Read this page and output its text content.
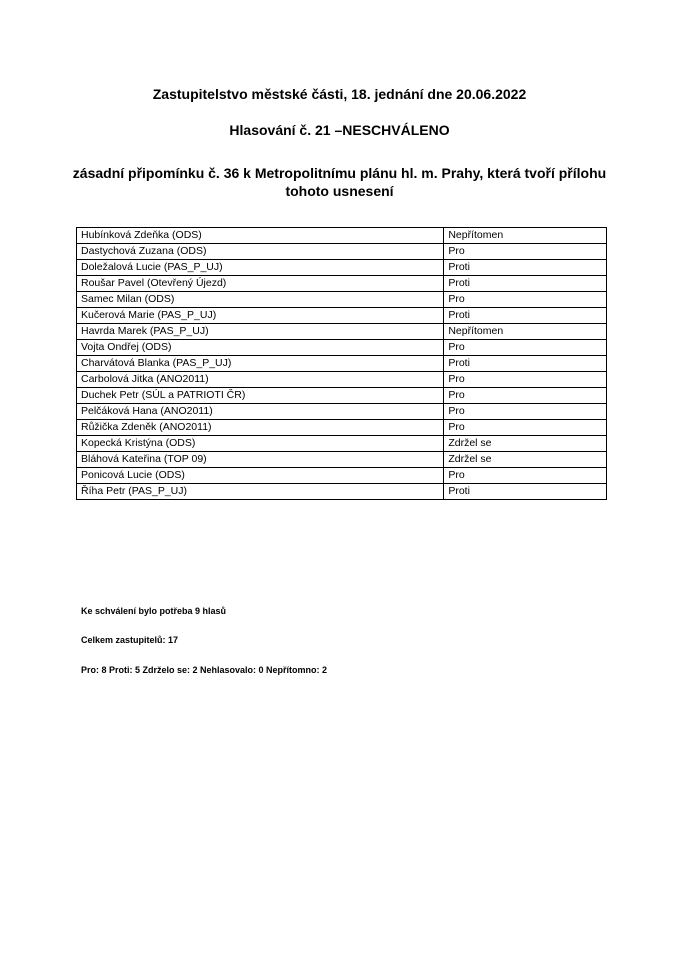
Zastupitelstvo městské části, 18. jednání dne 20.06.2022
Hlasování č. 21 –NESCHVÁLENO
zásadní připomínku č. 36 k Metropolitnímu plánu hl. m. Prahy, která tvoří přílohu tohoto usnesení
Hubínková Zdeňka (ODS)	Nepřítomen
Dastychová Zuzana (ODS)	Pro
Doležalová Lucie (PAS_P_UJ)	Proti
Roušar Pavel (Otevřený Újezd)	Proti
Samec Milan (ODS)	Pro
Kučerová Marie (PAS_P_UJ)	Proti
Havrda Marek (PAS_P_UJ)	Nepřítomen
Vojta Ondřej (ODS)	Pro
Charvátová Blanka (PAS_P_UJ)	Proti
Carbolová Jitka (ANO2011)	Pro
Duchek Petr (SÚL a PATRIOTI ČR)	Pro
Pelčáková Hana (ANO2011)	Pro
Růžička Zdeněk (ANO2011)	Pro
Kopecká Kristýna (ODS)	Zdržel se
Bláhová Kateřina (TOP 09)	Zdržel se
Ponicová Lucie (ODS)	Pro
Říha Petr (PAS_P_UJ)	Proti
Ke schválení bylo potřeba 9 hlasů
Celkem zastupitelů: 17
Pro: 8 Proti: 5 Zdrželo se: 2 Nehlasovalo: 0 Nepřítomno: 2
